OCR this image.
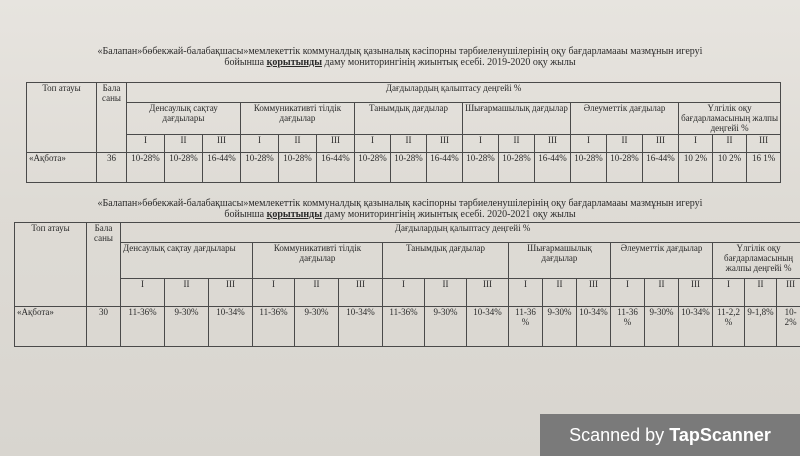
«Балапан»бөбекжай-балабақшасы»мемлекеттік коммуналдық қазыналық кәсіпорны тәрбиеленушілерінің оқу бағдарламааы мазмұнын игеруі
бойынша қорытынды даму мониторингінің жиынтық есебі. 2019-2020 оқу жылы
Топ атауы	Бала саны	Дағдылардың қалыптасу деңгейі %																	
		Денсаулық сақтау дағдылары			Коммуникативті тілдік дағдылар			Танымдық дағдылар			Шығармашылық дағдылар			Әлеуметтік дағдылар			Үлгілік оқу бағдарламасының жалпы деңгейі %		
		I	II	III	I	II	III	I	II	III	I	II	III	I	II	III	I	II	III
«Ақбота»	36	10-28%	10-28%	16-44%	10-28%	10-28%	16-44%	10-28%	10-28%	16-44%	10-28%	10-28%	16-44%	10-28%	10-28%	16-44%	10 2%	10 2%	16 1%
«Балапан»бөбекжай-балабақшасы»мемлекеттік коммуналдық қазыналық кәсіпорны тәрбиеленушілерінің оқу бағдарламааы мазмұнын игеруі
бойынша қорытынды даму мониторингінің жиынтық есебі. 2020-2021 оқу жылы
Топ атауы	Бала саны	Дағдылардың қалыптасу деңгейі %																	
		Денсаулық сақтау дағдылары			Коммуникативті тілдік дағдылар			Танымдық дағдылар			Шығармашылық дағдылар			Әлеуметтік дағдылар			Үлгілік оқу бағдарламасының жалпы деңгейі %		
		I	II	III	I	II	III	I	II	III	I	II	III	I	II	III	I	II	III
«Ақбота»	30	11-36%	9-30%	10-34%	11-36%	9-30%	10-34%	11-36%	9-30%	10-34%	11-36 %	9-30%	10-34%	11-36 %	9-30%	10-34%	11-2,2 %	9-1,8%	10-2%
Scanned by TapScanner
